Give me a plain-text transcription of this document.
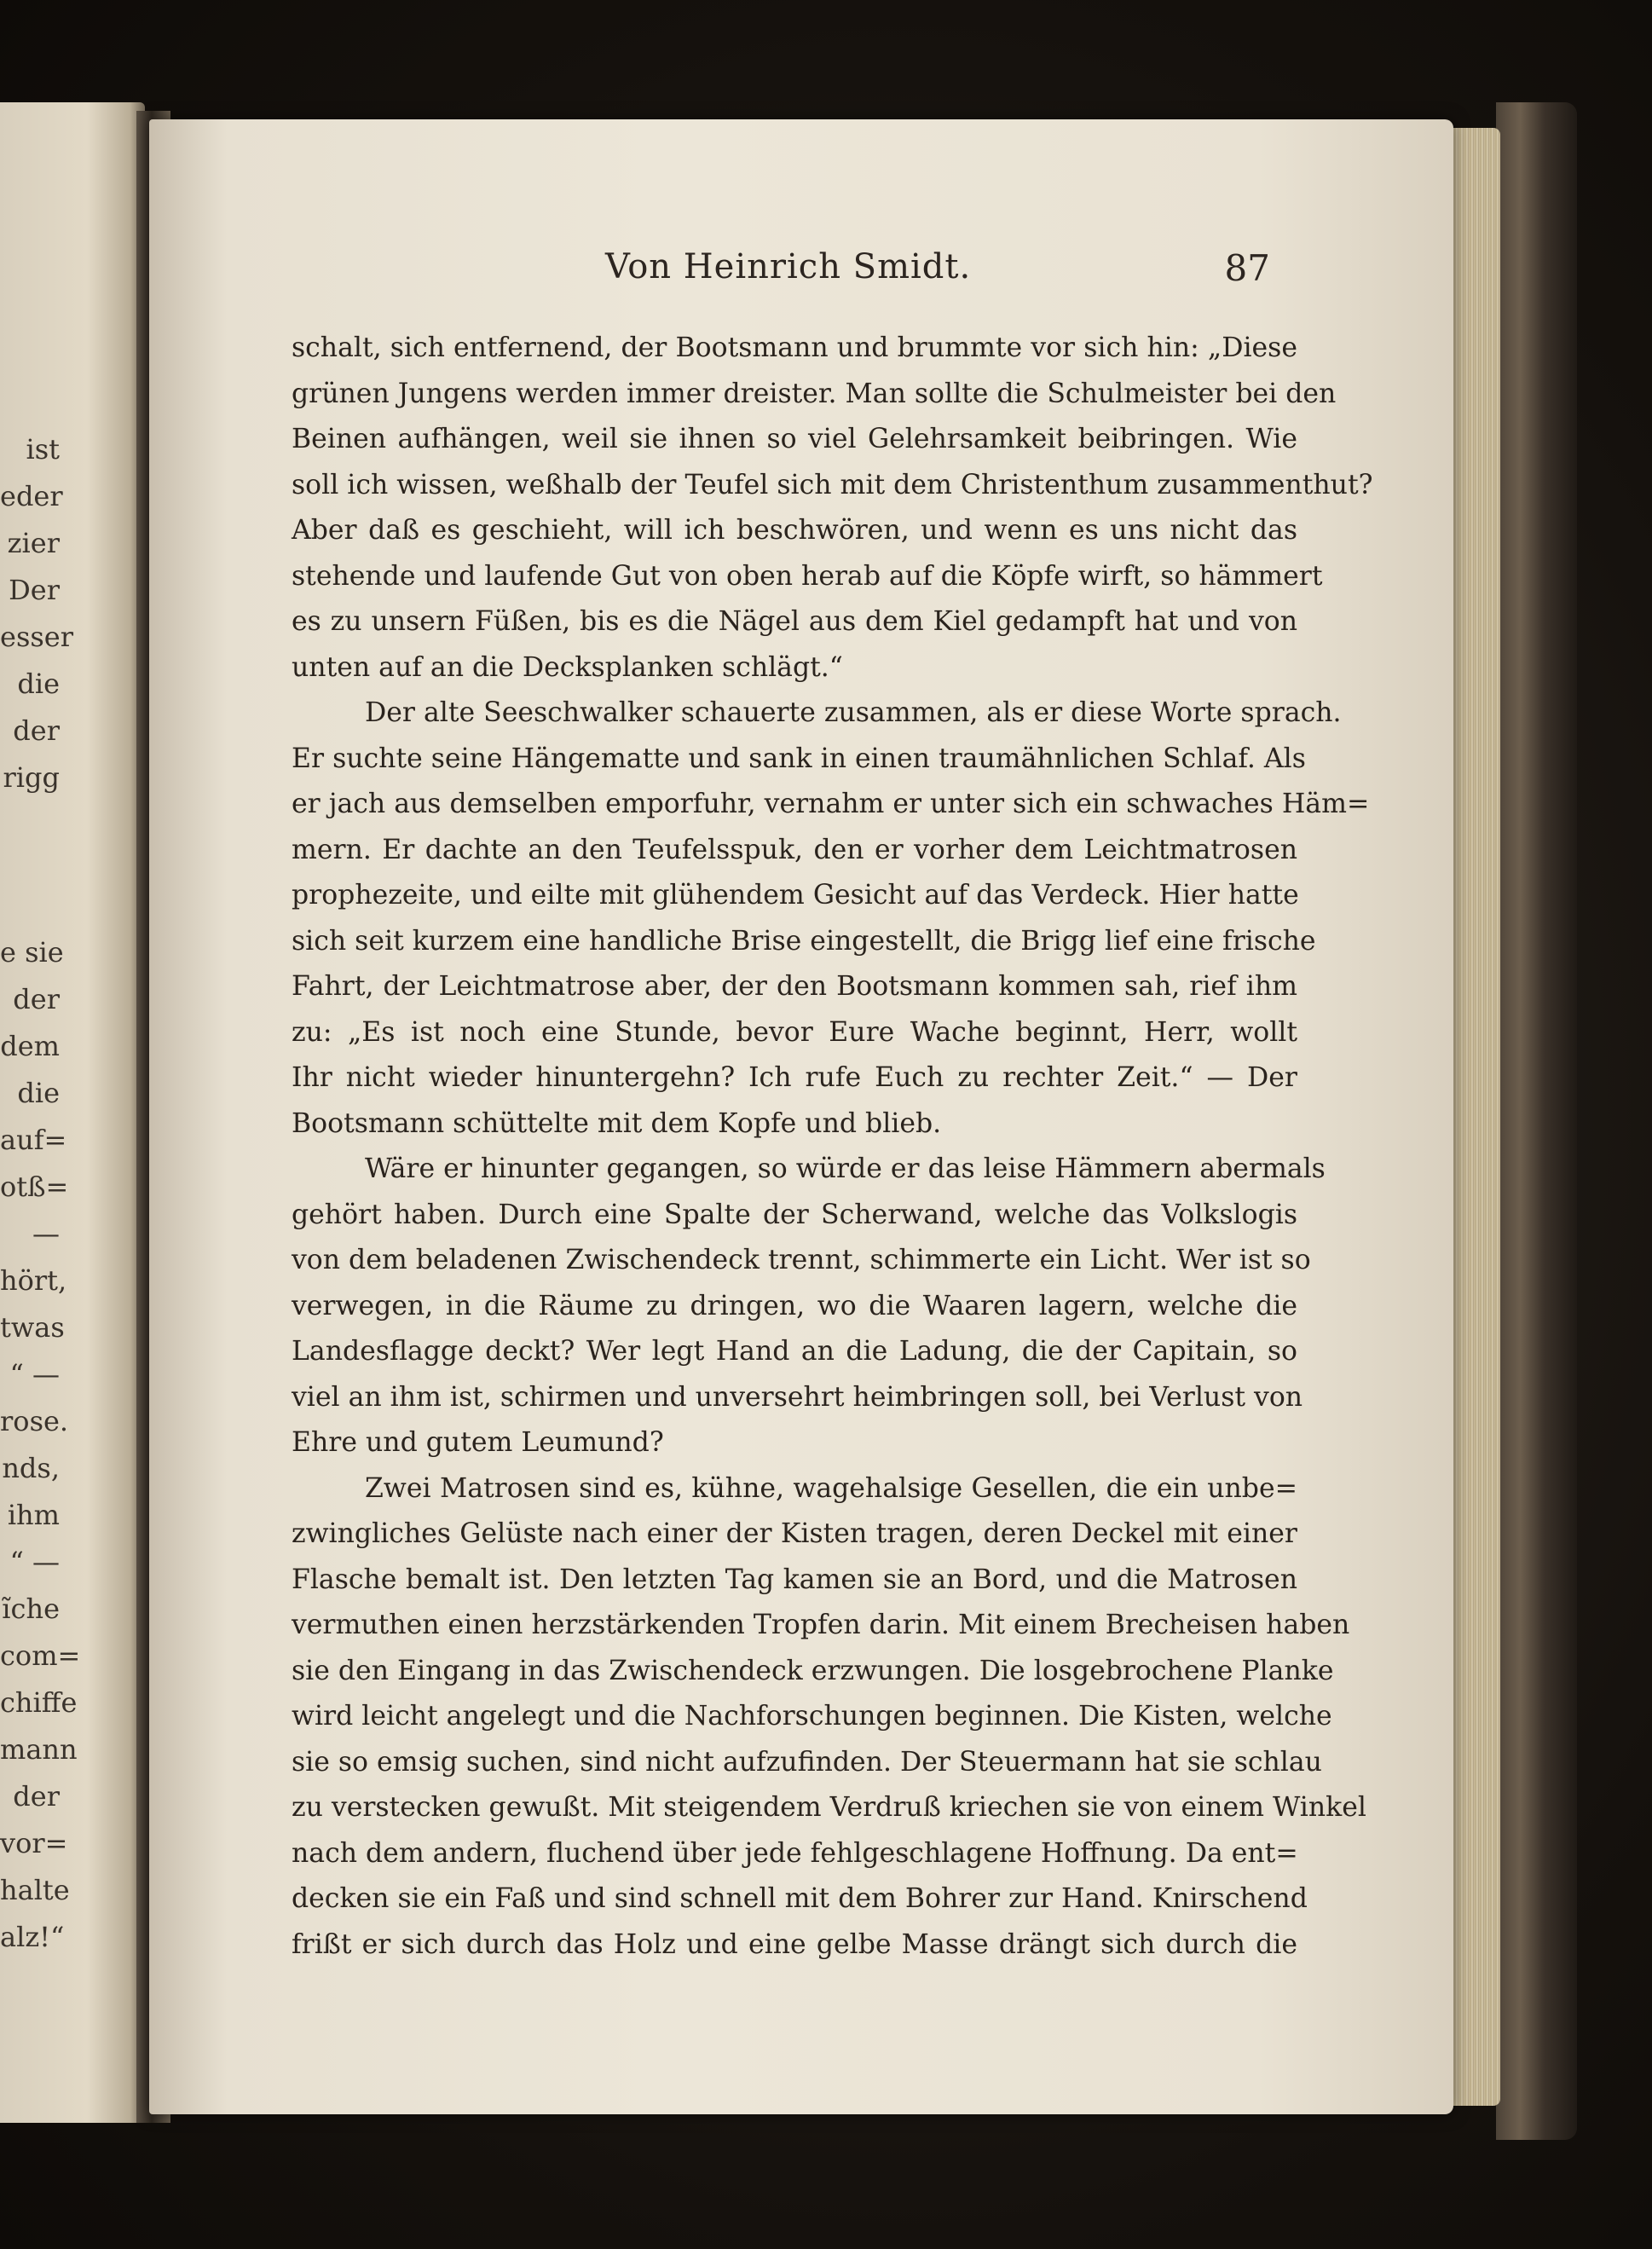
ist
eder
zier
Der
esser
die
der
rigg
e sie
der
dem
die
auf=
otß=
—
hört,
twas
“ —
rose.
nds,
ihm
“ —
ĩche
com=
chiffe
mann
der
vor=
halte
alz!“
Von Heinrich Smidt.	87
schalt, sich entfernend, der Bootsmann und brummte vor sich hin: „Diese
grünen Jungens werden immer dreister. Man sollte die Schulmeister bei den
Beinen aufhängen, weil sie ihnen so viel Gelehrsamkeit beibringen. Wie
soll ich wissen, weßhalb der Teufel sich mit dem Christenthum zusammenthut?
Aber daß es geschieht, will ich beschwören, und wenn es uns nicht das
stehende und laufende Gut von oben herab auf die Köpfe wirft, so hämmert
es zu unsern Füßen, bis es die Nägel aus dem Kiel gedampft hat und von
unten auf an die Decksplanken schlägt.“
Der alte Seeschwalker schauerte zusammen, als er diese Worte sprach.
Er suchte seine Hängematte und sank in einen traumähnlichen Schlaf. Als
er jach aus demselben emporfuhr, vernahm er unter sich ein schwaches Häm=
mern. Er dachte an den Teufelsspuk, den er vorher dem Leichtmatrosen
prophezeite, und eilte mit glühendem Gesicht auf das Verdeck. Hier hatte
sich seit kurzem eine handliche Brise eingestellt, die Brigg lief eine frische
Fahrt, der Leichtmatrose aber, der den Bootsmann kommen sah, rief ihm
zu: „Es ist noch eine Stunde, bevor Eure Wache beginnt, Herr, wollt
Ihr nicht wieder hinuntergehn? Ich rufe Euch zu rechter Zeit.“ — Der
Bootsmann schüttelte mit dem Kopfe und blieb.
Wäre er hinunter gegangen, so würde er das leise Hämmern abermals
gehört haben. Durch eine Spalte der Scherwand, welche das Volkslogis
von dem beladenen Zwischendeck trennt, schimmerte ein Licht. Wer ist so
verwegen, in die Räume zu dringen, wo die Waaren lagern, welche die
Landesflagge deckt? Wer legt Hand an die Ladung, die der Capitain, so
viel an ihm ist, schirmen und unversehrt heimbringen soll, bei Verlust von
Ehre und gutem Leumund?
Zwei Matrosen sind es, kühne, wagehalsige Gesellen, die ein unbe=
zwingliches Gelüste nach einer der Kisten tragen, deren Deckel mit einer
Flasche bemalt ist. Den letzten Tag kamen sie an Bord, und die Matrosen
vermuthen einen herzstärkenden Tropfen darin. Mit einem Brecheisen haben
sie den Eingang in das Zwischendeck erzwungen. Die losgebrochene Planke
wird leicht angelegt und die Nachforschungen beginnen. Die Kisten, welche
sie so emsig suchen, sind nicht aufzufinden. Der Steuermann hat sie schlau
zu verstecken gewußt. Mit steigendem Verdruß kriechen sie von einem Winkel
nach dem andern, fluchend über jede fehlgeschlagene Hoffnung. Da ent=
decken sie ein Faß und sind schnell mit dem Bohrer zur Hand. Knirschend
frißt er sich durch das Holz und eine gelbe Masse drängt sich durch die
